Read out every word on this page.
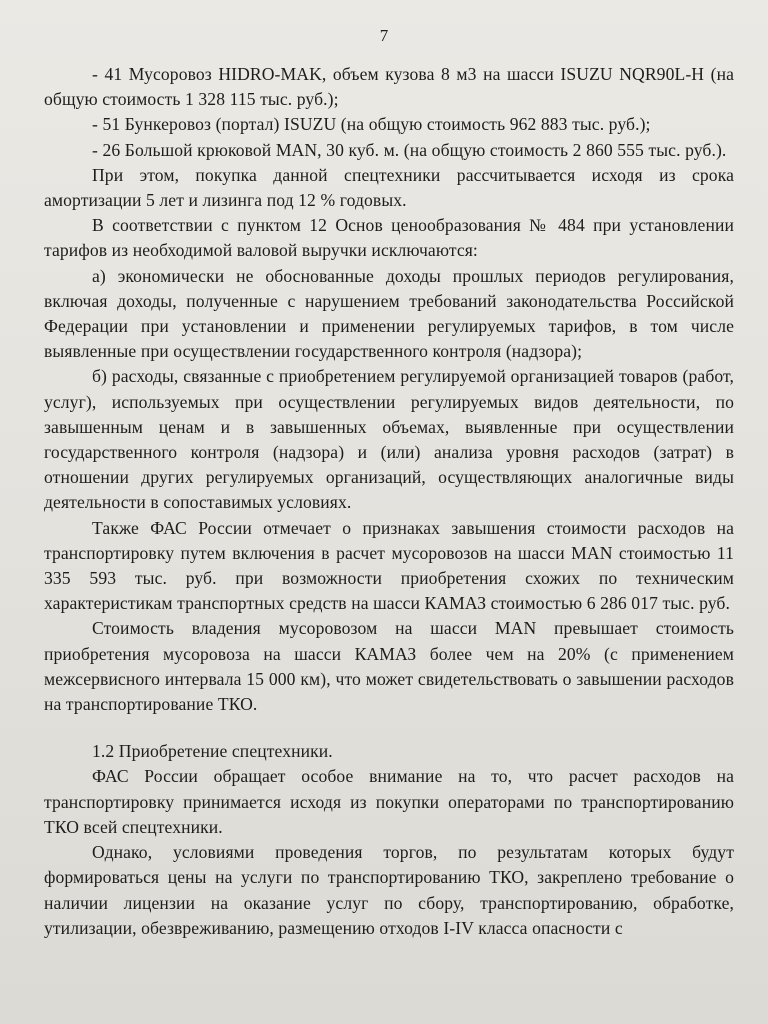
7

- 41 Мусоровоз HIDRO-MAK, объем кузова 8 м3 на шасси ISUZU NQR90L-H (на общую стоимость 1 328 115 тыс. руб.);

- 51 Бункеровоз (портал) ISUZU (на общую стоимость 962 883 тыс. руб.);

- 26 Большой крюковой MAN, 30 куб. м. (на общую стоимость 2 860 555 тыс. руб.).

При этом, покупка данной спецтехники рассчитывается исходя из срока амортизации 5 лет и лизинга под 12 % годовых.

В соответствии с пунктом 12 Основ ценообразования № 484 при установлении тарифов из необходимой валовой выручки исключаются:

а) экономически не обоснованные доходы прошлых периодов регулирования, включая доходы, полученные с нарушением требований законодательства Российской Федерации при установлении и применении регулируемых тарифов, в том числе выявленные при осуществлении государственного контроля (надзора);

б) расходы, связанные с приобретением регулируемой организацией товаров (работ, услуг), используемых при осуществлении регулируемых видов деятельности, по завышенным ценам и в завышенных объемах, выявленные при осуществлении государственного контроля (надзора) и (или) анализа уровня расходов (затрат) в отношении других регулируемых организаций, осуществляющих аналогичные виды деятельности в сопоставимых условиях.

Также ФАС России отмечает о признаках завышения стоимости расходов на транспортировку путем включения в расчет мусоровозов на шасси MAN стоимостью 11 335 593 тыс. руб. при возможности приобретения схожих по техническим характеристикам транспортных средств на шасси КАМАЗ стоимостью 6 286 017 тыс. руб.

Стоимость владения мусоровозом на шасси MAN превышает стоимость приобретения мусоровоза на шасси КАМАЗ более чем на 20% (с применением межсервисного интервала 15 000 км), что может свидетельствовать о завышении расходов на транспортирование ТКО.

1.2 Приобретение спецтехники.

ФАС России обращает особое внимание на то, что расчет расходов на транспортировку принимается исходя из покупки операторами по транспортированию ТКО всей спецтехники.

Однако, условиями проведения торгов, по результатам которых будут формироваться цены на услуги по транспортированию ТКО, закреплено требование о наличии лицензии на оказание услуг по сбору, транспортированию, обработке, утилизации, обезвреживанию, размещению отходов I-IV класса опасности с
